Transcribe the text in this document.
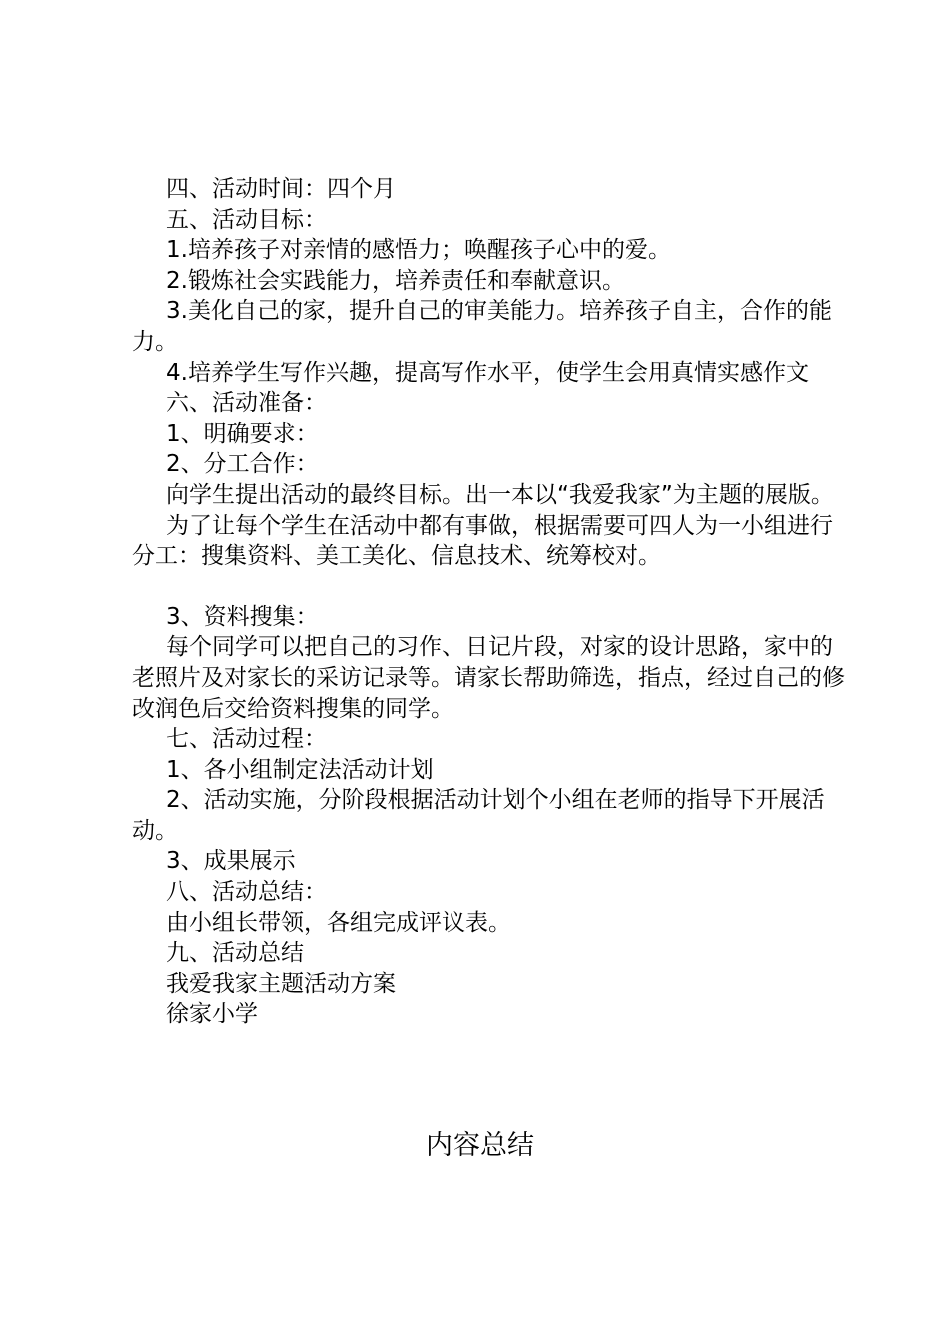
四、活动时间：四个月

五、活动目标：

1.培养孩子对亲情的感悟力；唤醒孩子心中的爱。

2.锻炼社会实践能力，培养责任和奉献意识。

3.美化自己的家，提升自己的审美能力。培养孩子自主，合作的能力。

4.培养学生写作兴趣，提高写作水平，使学生会用真情实感作文

六、活动准备：

1、明确要求：

2、分工合作：

向学生提出活动的最终目标。出一本以“我爱我家”为主题的展版。

为了让每个学生在活动中都有事做，根据需要可四人为一小组进行分工：搜集资料、美工美化、信息技术、统筹校对。

3、资料搜集：

每个同学可以把自己的习作、日记片段，对家的设计思路，家中的老照片及对家长的采访记录等。请家长帮助筛选，指点，经过自己的修改润色后交给资料搜集的同学。

七、活动过程：

1、各小组制定法活动计划

2、活动实施，分阶段根据活动计划个小组在老师的指导下开展活动。

3、成果展示

八、活动总结：

由小组长带领，各组完成评议表。

九、活动总结

我爱我家主题活动方案

徐家小学

内容总结
